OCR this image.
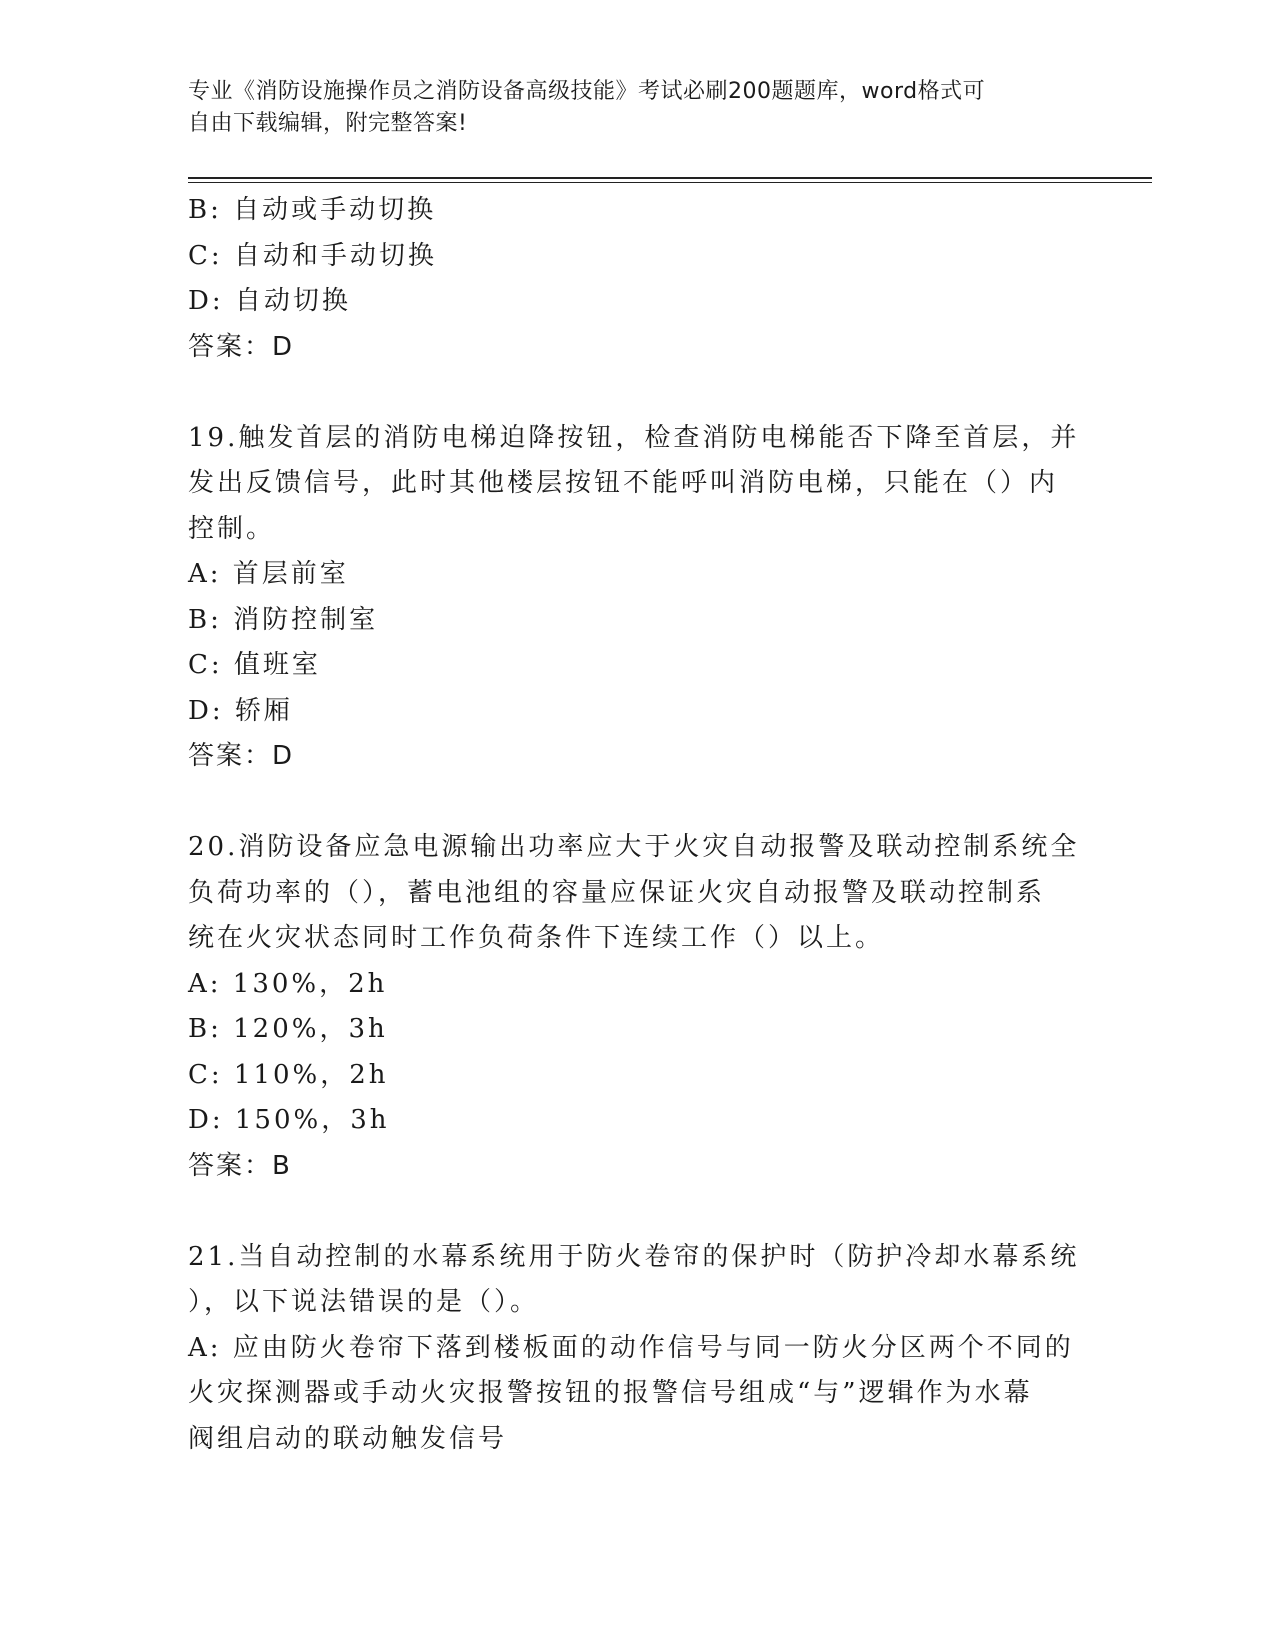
专业《消防设施操作员之消防设备高级技能》考试必刷200题题库，word格式可
自由下载编辑，附完整答案!
B: 自动或手动切换
C: 自动和手动切换
D: 自动切换
答案：D
19.触发首层的消防电梯迫降按钮，检查消防电梯能否下降至首层，并
发出反馈信号，此时其他楼层按钮不能呼叫消防电梯，只能在（）内
控制。
A: 首层前室
B: 消防控制室
C: 值班室
D: 轿厢
答案：D
20.消防设备应急电源输出功率应大于火灾自动报警及联动控制系统全
负荷功率的（），蓄电池组的容量应保证火灾自动报警及联动控制系
统在火灾状态同时工作负荷条件下连续工作（）以上。
A: 130%，2h
B: 120%，3h
C: 110%，2h
D: 150%，3h
答案：B
21.当自动控制的水幕系统用于防火卷帘的保护时（防护冷却水幕系统
），以下说法错误的是（）。
A: 应由防火卷帘下落到楼板面的动作信号与同一防火分区两个不同的
火灾探测器或手动火灾报警按钮的报警信号组成“与”逻辑作为水幕
阀组启动的联动触发信号
